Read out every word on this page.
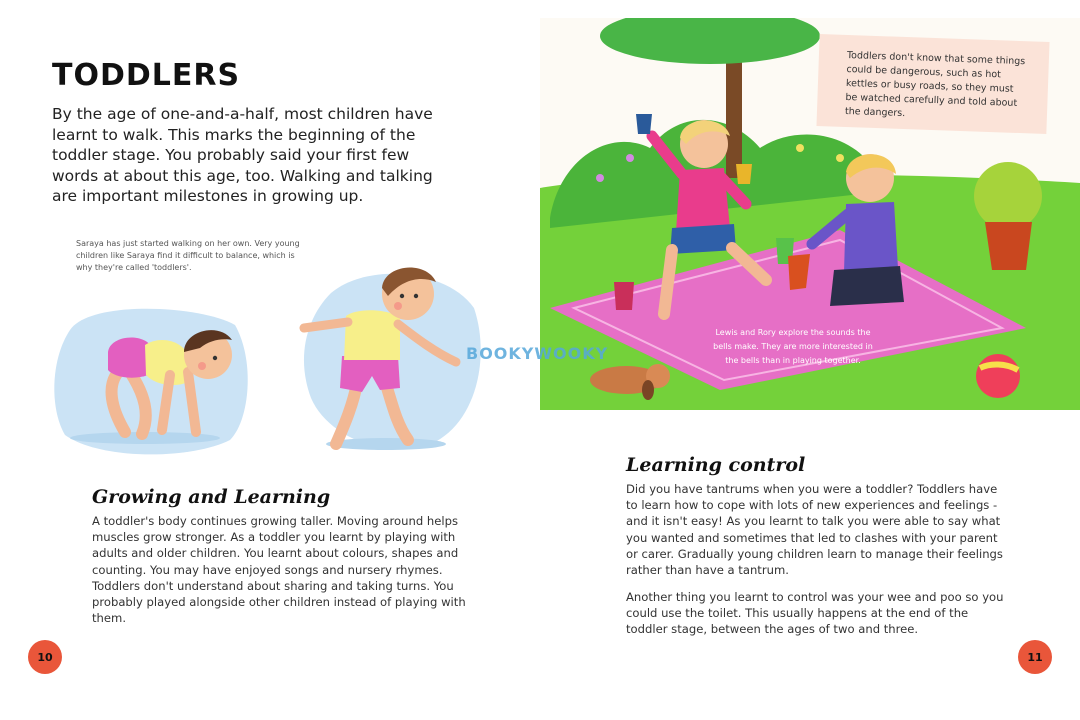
TODDLERS

By the age of one-and-a-half, most children have learnt to walk. This marks the beginning of the toddler stage. You probably said your first few words at about this age, too. Walking and talking are important milestones in growing up.

Saraya has just started walking on her own. Very young children like Saraya find it difficult to balance, which is why they're called 'toddlers'.

Growing and Learning

A toddler's body continues growing taller. Moving around helps muscles grow stronger. As a toddler you learnt by playing with adults and older children. You learnt about colours, shapes and counting. You may have enjoyed songs and nursery rhymes. Toddlers don't understand about sharing and taking turns. You probably played alongside other children instead of playing with them.

10

Toddlers don't know that some things could be dangerous, such as hot kettles or busy roads, so they must be watched carefully and told about the dangers.

Lewis and Rory explore the sounds the bells make. They are more interested in the bells than in playing together.

Learning control

Did you have tantrums when you were a toddler? Toddlers have to learn how to cope with lots of new experiences and feelings - and it isn't easy! As you learnt to talk you were able to say what you wanted and sometimes that led to clashes with your parent or carer. Gradually young children learn to manage their feelings rather than have a tantrum.

Another thing you learnt to control was your wee and poo so you could use the toilet. This usually happens at the end of the toddler stage, between the ages of two and three.

11
BOOKYWOOKY
